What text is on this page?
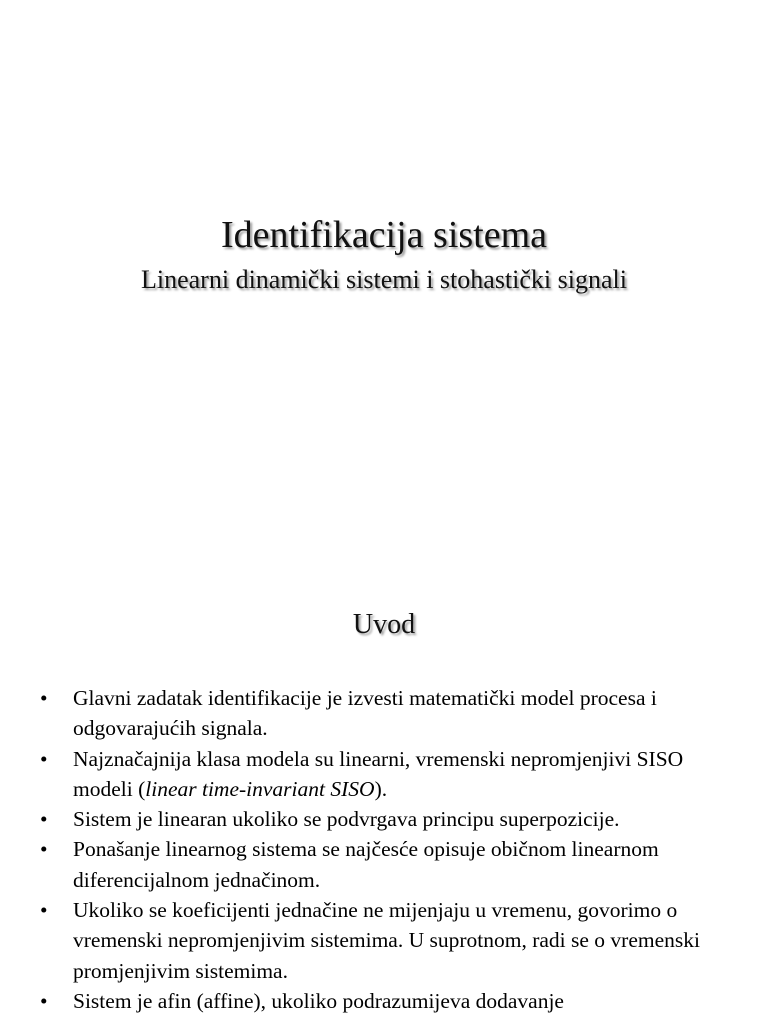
Identifikacija sistema
Linearni dinamički sistemi i stohastički signali
Uvod
• Glavni zadatak identifikacije je izvesti matematički model procesa i odgovarajućih signala.
• Najznačajnija klasa modela su linearni, vremenski nepromjenjivi SISO modeli (linear time-invariant SISO).
• Sistem je linearan ukoliko se podvrgava principu superpozicije.
• Ponašanje linearnog sistema se najčesće opisuje običnom linearnom diferencijalnom jednačinom.
• Ukoliko se koeficijenti jednačine ne mijenjaju u vremenu, govorimo o vremenski nepromjenjivim sistemima. U suprotnom, radi se o vremenski promjenjivim sistemima.
• Sistem je afin (affine), ukoliko podrazumijeva dodavanje
